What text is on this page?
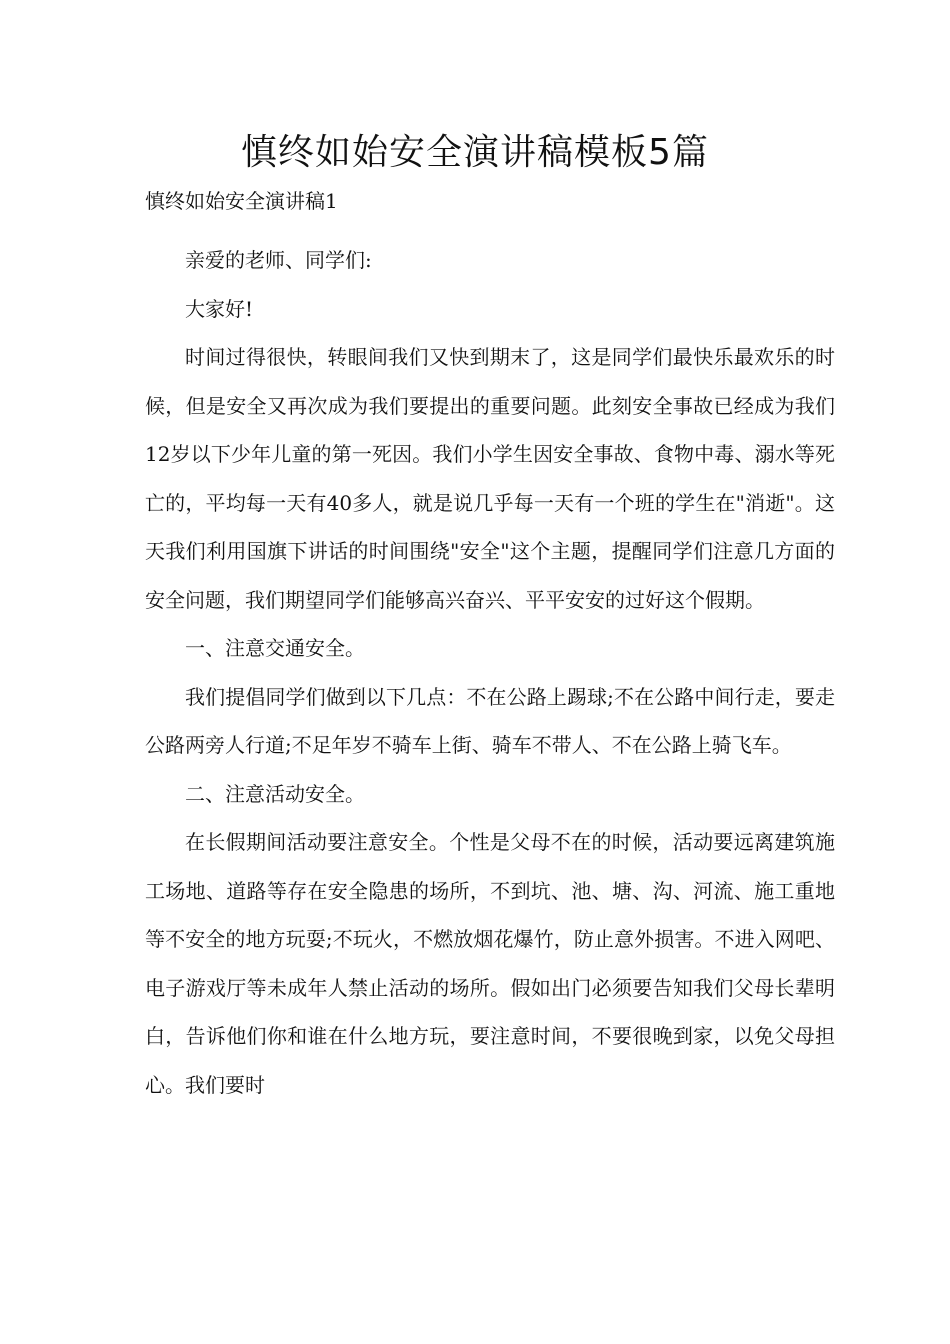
慎终如始安全演讲稿模板5篇
慎终如始安全演讲稿1

亲爱的老师、同学们:

大家好!

时间过得很快，转眼间我们又快到期末了，这是同学们最快乐最欢乐的时候，但是安全又再次成为我们要提出的重要问题。此刻安全事故已经成为我们12岁以下少年儿童的第一死因。我们小学生因安全事故、食物中毒、溺水等死亡的，平均每一天有40多人，就是说几乎每一天有一个班的学生在"消逝"。这天我们利用国旗下讲话的时间围绕"安全"这个主题，提醒同学们注意几方面的安全问题，我们期望同学们能够高兴奋兴、平平安安的过好这个假期。

一、注意交通安全。

我们提倡同学们做到以下几点：不在公路上踢球;不在公路中间行走，要走公路两旁人行道;不足年岁不骑车上街、骑车不带人、不在公路上骑飞车。

二、注意活动安全。

在长假期间活动要注意安全。个性是父母不在的时候，活动要远离建筑施工场地、道路等存在安全隐患的场所，不到坑、池、塘、沟、河流、施工重地等不安全的地方玩耍;不玩火，不燃放烟花爆竹，防止意外损害。不进入网吧、电子游戏厅等未成年人禁止活动的场所。假如出门必须要告知我们父母长辈明白，告诉他们你和谁在什么地方玩，要注意时间，不要很晚到家，以免父母担心。我们要时
